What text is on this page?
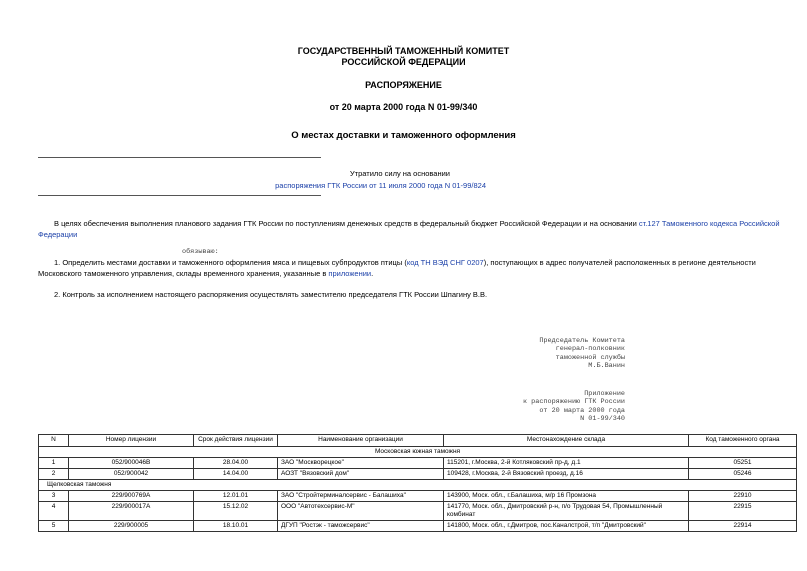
ГОСУДАРСТВЕННЫЙ ТАМОЖЕННЫЙ КОМИТЕТ
РОССИЙСКОЙ ФЕДЕРАЦИИ
РАСПОРЯЖЕНИЕ
от 20 марта 2000 года N 01-99/340
О местах доставки и таможенного оформления
Утратило силу на основании
распоряжения ГТК России от 11 июля 2000 года N 01-99/824
В целях обеспечения выполнения планового задания ГТК России по поступлениям денежных средств в федеральный бюджет Российской Федерации и на основании ст.127 Таможенного кодекса Российской Федерации
обязываю:
1. Определить местами доставки и таможенного оформления мяса и пищевых субпродуктов птицы (код ТН ВЭД СНГ 0207), поступающих в адрес получателей расположенных в регионе деятельности Московского таможенного управления, склады временного хранения, указанные в приложении.
2. Контроль за исполнением настоящего распоряжения осуществлять заместителю председателя ГТК России Шпагину В.В.
Председатель Комитета
генерал-полковник
таможенной службы
М.Б.Ванин
Приложение
к распоряжению ГТК России
от 20 марта 2000 года
N 01-99/340
N	Номер лицензии	Срок действия лицензии	Наименование организации	Местонахождение склада	Код таможенного органа
Московская южная таможня					
1	052/900046В	28.04.00	ЗАО "Москворецкое"	115201, г.Москва, 2-й Котляковский пр-д, д.1	05251
2	052/900042	14.04.00	АОЗТ "Вязовский дом"	109428, г.Москва, 2-й Вязовский проезд, д.16	05246
Щелковская таможня					
3	229/900769А	12.01.01	ЗАО "Стройтерминалсервис - Балашиха"	143900, Моск. обл., г.Балашиха, м/р 16 Промзона	22910
4	229/900017А	15.12.02	ООО "Автотехсервис-М"	141770, Моск. обл., Дмитровский р-н, п/о Трудовая 54, Промышленный комбинат	22915
5	229/900005	18.10.01	ДГУП "Ростэк - таможсервис"	141800, Моск. обл., г.Дмитров, пос.Каналстрой, т/п "Дмитровский"	22914
